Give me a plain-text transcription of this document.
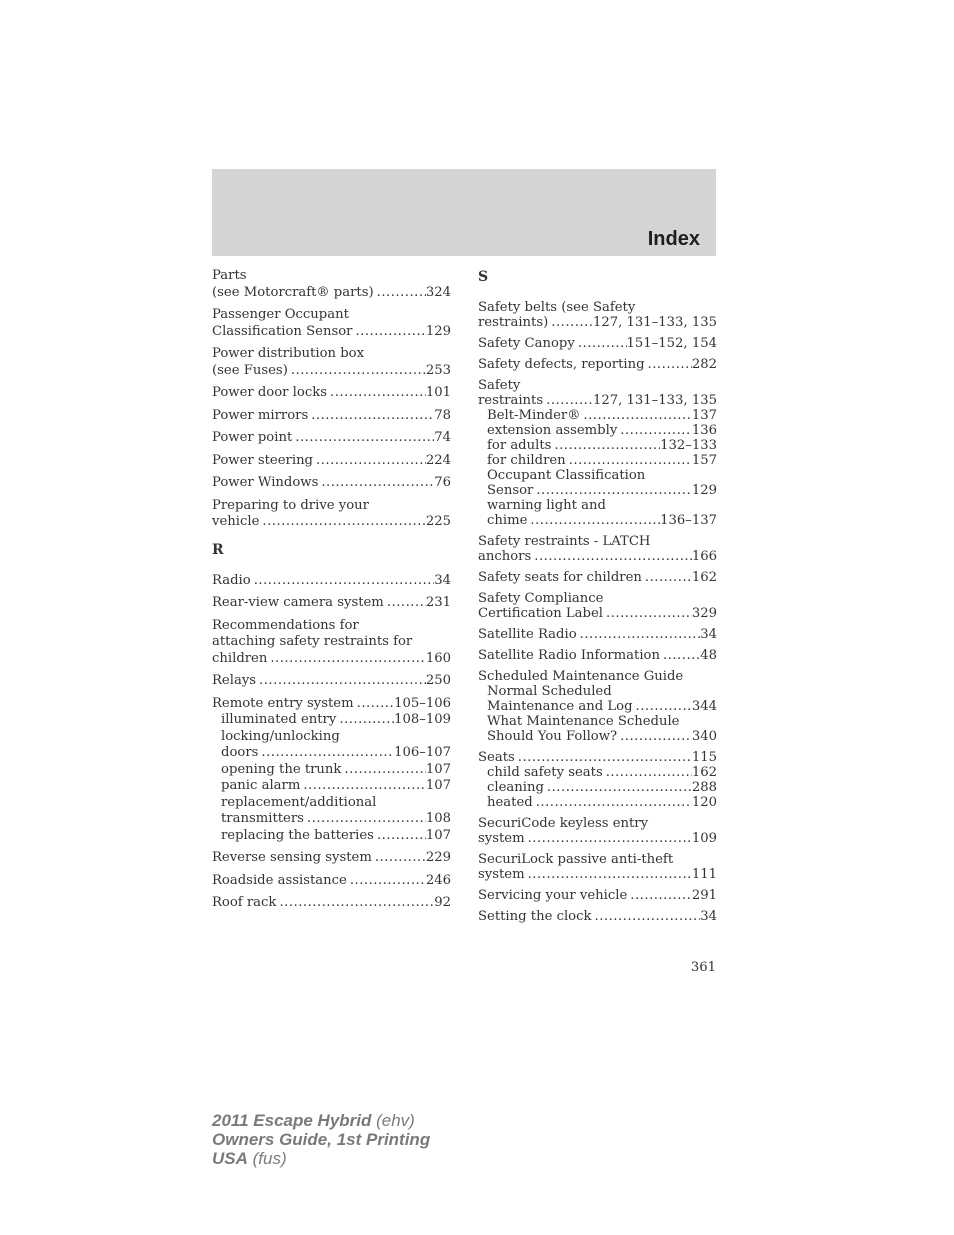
Index
Parts
(see Motorcraft® parts) .....	324
Passenger Occupant
Classification Sensor .....	129
Power distribution box
(see Fuses) .....	253
Power door locks .....	101
Power mirrors .....	78
Power point .....	74
Power steering .....	224
Power Windows .....	76
Preparing to drive your
vehicle .....	225
R
Radio .....	34
Rear-view camera system .....	231
Recommendations for
attaching safety restraints for
children .....	160
Relays .....	250
Remote entry system .....	105–106
illuminated entry .....	108–109
locking/unlocking
doors .....	106–107
opening the trunk .....	107
panic alarm .....	107
replacement/additional
transmitters .....	108
replacing the batteries .....	107
Reverse sensing system .....	229
Roadside assistance .....	246
Roof rack .....	92
S
Safety belts (see Safety
restraints) .....	127, 131–133, 135
Safety Canopy .....	151–152, 154
Safety defects, reporting .....	282
Safety
restraints .....	127, 131–133, 135
Belt-Minder® .....	137
extension assembly .....	136
for adults .....	132–133
for children .....	157
Occupant Classification
Sensor .....	129
warning light and
chime .....	136–137
Safety restraints - LATCH
anchors .....	166
Safety seats for children .....	162
Safety Compliance
Certification Label .....	329
Satellite Radio .....	34
Satellite Radio Information .....	48
Scheduled Maintenance Guide
Normal Scheduled
Maintenance and Log .....	344
What Maintenance Schedule
Should You Follow? .....	340
Seats .....	115
child safety seats .....	162
cleaning .....	288
heated .....	120
SecuriCode keyless entry
system .....	109
SecuriLock passive anti-theft
system .....	111
Servicing your vehicle .....	291
Setting the clock .....	34
361
2011 Escape Hybrid (ehv)
Owners Guide, 1st Printing
USA (fus)
